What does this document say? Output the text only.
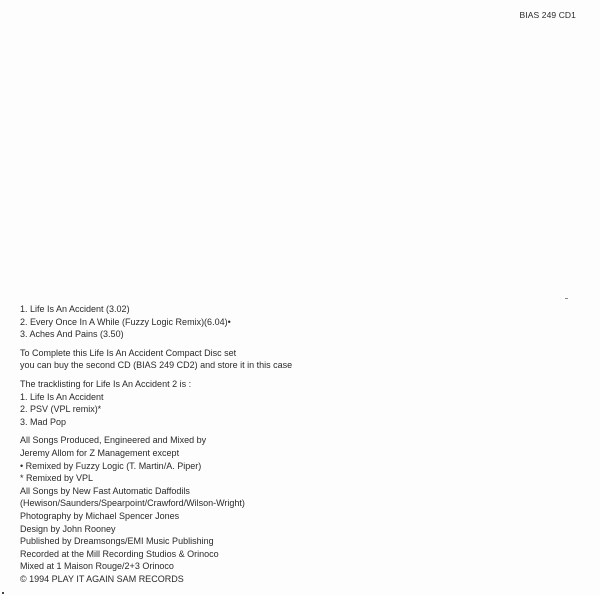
BIAS 249 CD1
1. Life Is An Accident (3.02)
2. Every Once In A While (Fuzzy Logic Remix)(6.04)•
3. Aches And Pains (3.50)
To Complete this Life Is An Accident Compact Disc set
you can buy the second CD (BIAS 249 CD2) and store it in this case
The tracklisting for Life Is An Accident 2 is :
1. Life Is An Accident
2. PSV (VPL remix)*
3. Mad Pop
All Songs Produced, Engineered and Mixed by
Jeremy Allom for Z Management except
• Remixed by Fuzzy Logic (T. Martin/A. Piper)
* Remixed by VPL
All Songs by New Fast Automatic Daffodils
(Hewison/Saunders/Spearpoint/Crawford/Wilson-Wright)
Photography by Michael Spencer Jones
Design by John Rooney
Published by Dreamsongs/EMI Music Publishing
Recorded at the Mill Recording Studios & Orinoco
Mixed at 1 Maison Rouge/2+3 Orinoco
© 1994 PLAY IT AGAIN SAM RECORDS
